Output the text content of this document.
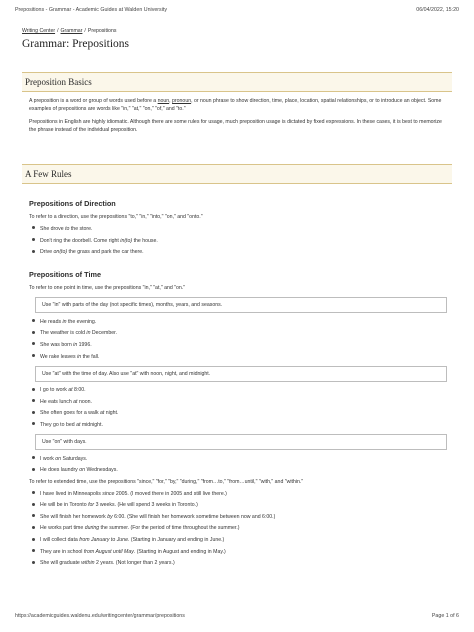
Prepositions - Grammar - Academic Guides at Walden University	06/04/2022, 15:20
Writing Center / Grammar / Prepositions
Grammar: Prepositions
Preposition Basics

A preposition is a word or group of words used before a noun, pronoun, or noun phrase to show direction, time, place, location, spatial relationships, or to introduce an object. Some examples of prepositions are words like "in," "at," "on," "of," and "to."

Prepositions in English are highly idiomatic. Although there are some rules for usage, much preposition usage is dictated by fixed expressions. In these cases, it is best to memorize the phrase instead of the individual preposition.

A Few Rules
Prepositions of Direction
To refer to a direction, use the prepositions "to," "in," "into," "on," and "onto."
She drove to the store.
Don't ring the doorbell. Come right in(to) the house.
Drive on(to) the grass and park the car there.
Prepositions of Time
To refer to one point in time, use the prepositions "in," "at," and "on."
Use "in" with parts of the day (not specific times), months, years, and seasons.
He reads in the evening.
The weather is cold in December.
She was born in 1996.
We rake leaves in the fall.
Use "at" with the time of day. Also use "at" with noon, night, and midnight.
I go to work at 8:00.
He eats lunch at noon.
She often goes for a walk at night.
They go to bed at midnight.
Use "on" with days.
I work on Saturdays.
He does laundry on Wednesdays.
To refer to extended time, use the prepositions "since," "for," "by," "during," "from…to," "from…until," "with," and "within."
I have lived in Minneapolis since 2005. (I moved there in 2005 and still live there.)
He will be in Toronto for 3 weeks. (He will spend 3 weeks in Toronto.)
She will finish her homework by 6:00. (She will finish her homework sometime between now and 6:00.)
He works part time during the summer. (For the period of time throughout the summer.)
I will collect data from January to June. (Starting in January and ending in June.)
They are in school from August until May. (Starting in August and ending in May.)
She will graduate within 2 years. (Not longer than 2 years.)
https://academicguides.waldenu.edu/writingcenter/grammar/prepositions	Page 1 of 6
